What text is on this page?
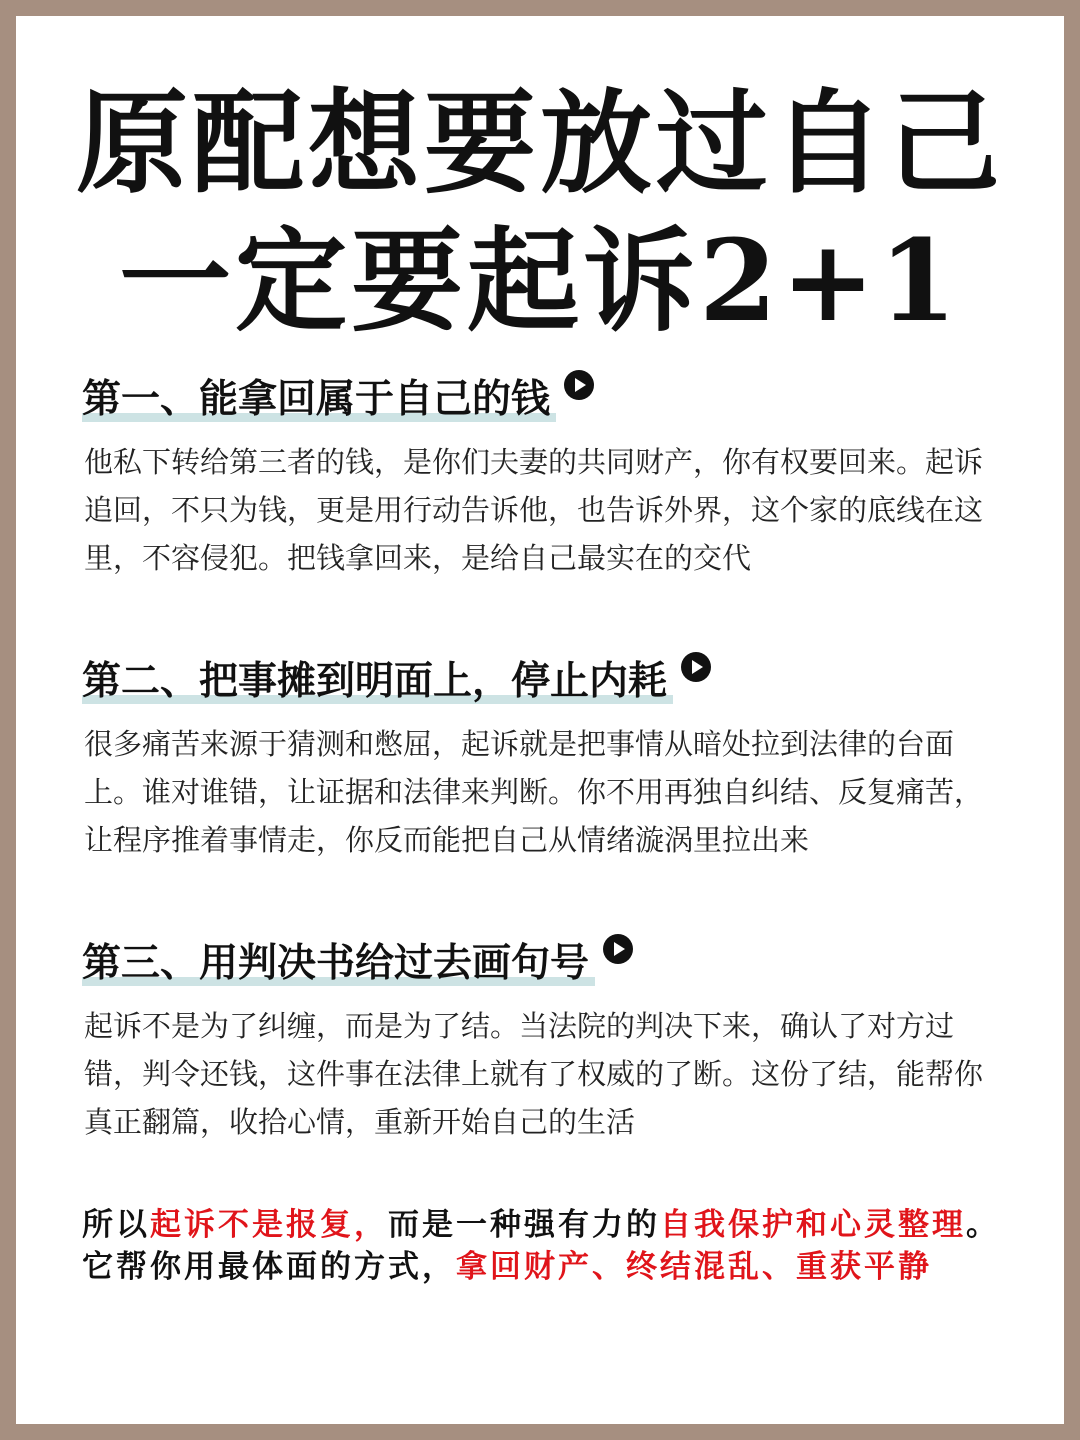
原配想要放过自己
一定要起诉2+1
第一、能拿回属于自己的钱

他私下转给第三者的钱，是你们夫妻的共同财产，你有权要回来。起诉追回，不只为钱，更是用行动告诉他，也告诉外界，这个家的底线在这里，不容侵犯。把钱拿回来，是给自己最实在的交代

第二、把事摊到明面上，停止内耗

很多痛苦来源于猜测和憋屈，起诉就是把事情从暗处拉到法律的台面上。谁对谁错，让证据和法律来判断。你不用再独自纠结、反复痛苦，让程序推着事情走，你反而能把自己从情绪漩涡里拉出来

第三、用判决书给过去画句号

起诉不是为了纠缠，而是为了结。当法院的判决下来，确认了对方过错，判令还钱，这件事在法律上就有了权威的了断。这份了结，能帮你真正翻篇，收拾心情，重新开始自己的生活

所以起诉不是报复，而是一种强有力的自我保护和心灵整理。它帮你用最体面的方式，拿回财产、终结混乱、重获平静
